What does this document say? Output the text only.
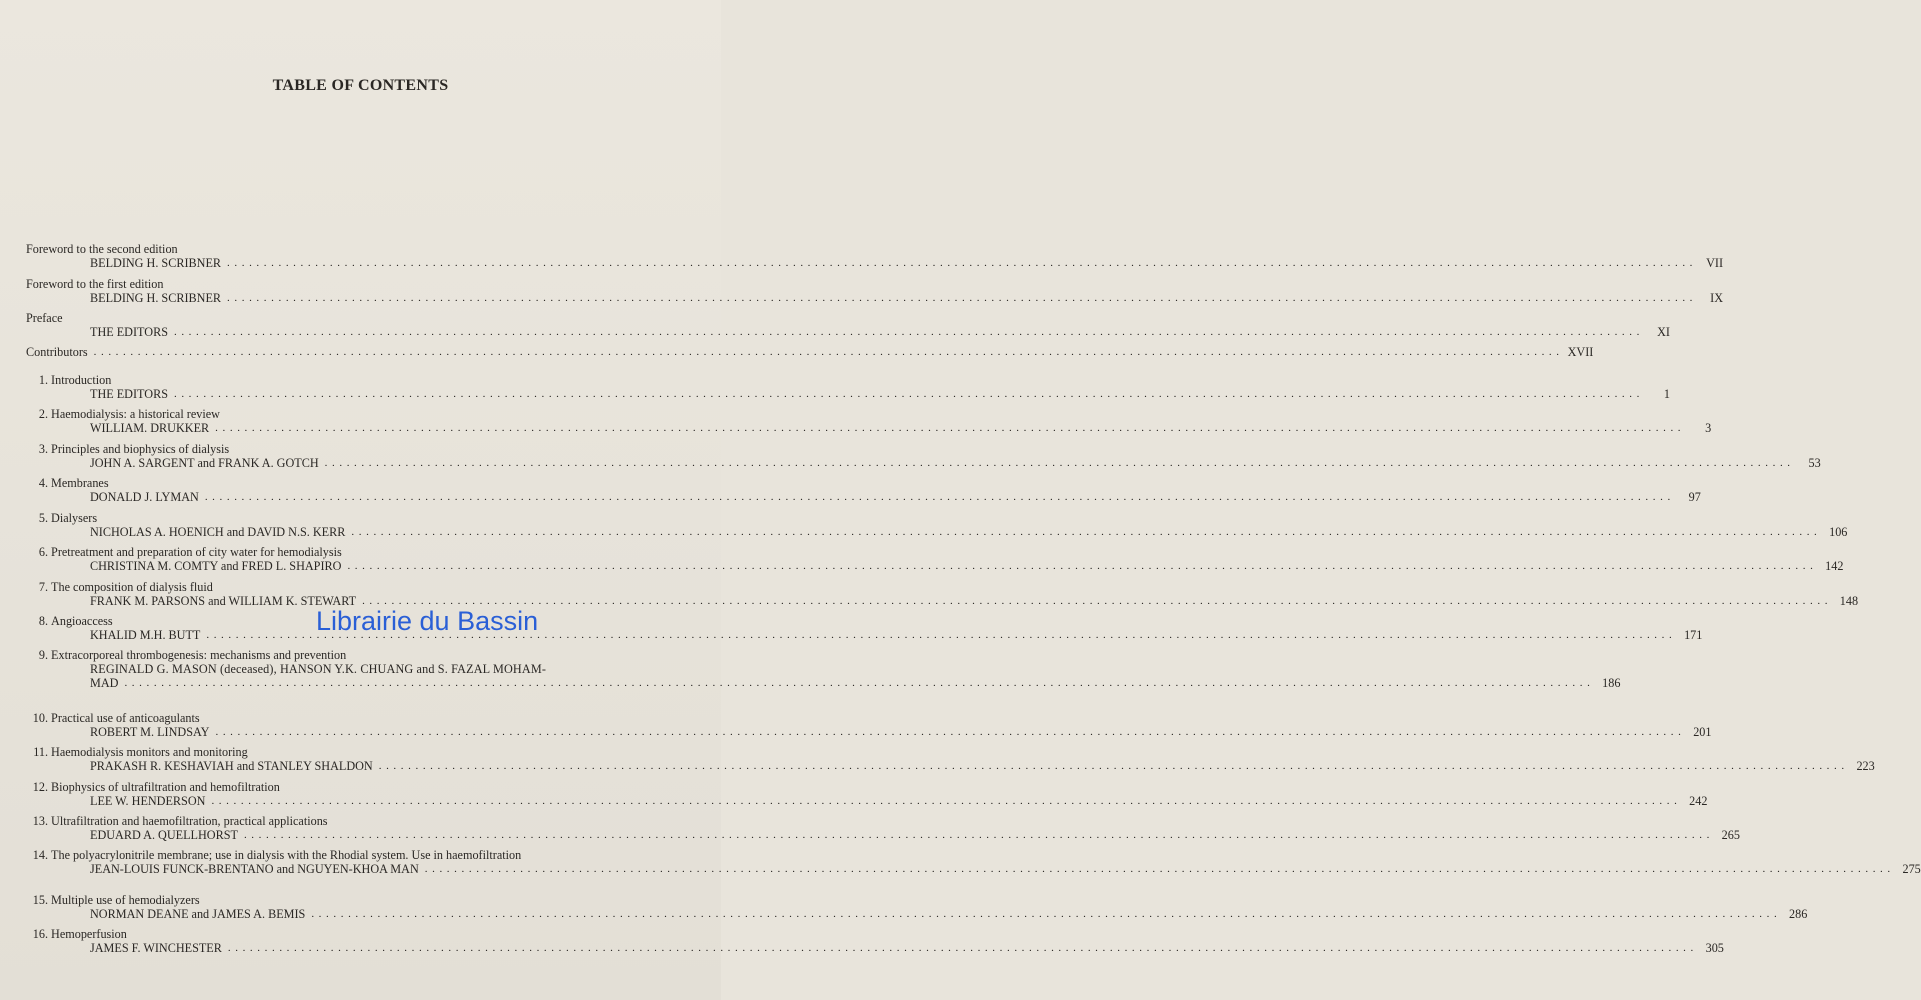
TABLE OF CONTENTS
Foreword to the second edition
BELDING H. SCRIBNER ........................................................................................................................................................................................................ VII
Foreword to the first edition
BELDING H. SCRIBNER ........................................................................................................................................................................................................	IX
Preface
THE EDITORS ........................................................................................................................................................................................................	XI
Contributors ........................................................................................................................................................................................................ XVII
1. Introduction
THE EDITORS ........................................................................................................................................................................................................	1
2. Haemodialysis: a historical review
WILLIAM. DRUKKER ........................................................................................................................................................................................................	3
3. Principles and biophysics of dialysis
JOHN A. SARGENT and FRANK A. GOTCH ........................................................................................................................................................................................................	53
4. Membranes
DONALD J. LYMAN ........................................................................................................................................................................................................	97
5. Dialysers
NICHOLAS A. HOENICH and DAVID N.S. KERR ........................................................................................................................................................................................................ 106
6. Pretreatment and preparation of city water for hemodialysis
CHRISTINA M. COMTY and FRED L. SHAPIRO ........................................................................................................................................................................................................ 142
7. The composition of dialysis fluid
FRANK M. PARSONS and WILLIAM K. STEWART ........................................................................................................................................................................................................ 148
8. Angioaccess
KHALID M.H. BUTT ........................................................................................................................................................................................................ 171
9. Extracorporeal thrombogenesis: mechanisms and prevention
REGINALD G. MASON (deceased), HANSON Y.K. CHUANG and S. FAZAL MOHAM-
MAD ........................................................................................................................................................................................................ 186
10. Practical use of anticoagulants
ROBERT M. LINDSAY ........................................................................................................................................................................................................ 201
11. Haemodialysis monitors and monitoring
PRAKASH R. KESHAVIAH and STANLEY SHALDON ........................................................................................................................................................................................................ 223
12. Biophysics of ultrafiltration and hemofiltration
LEE W. HENDERSON ........................................................................................................................................................................................................ 242
13. Ultrafiltration and haemofiltration, practical applications
EDUARD A. QUELLHORST ........................................................................................................................................................................................................ 265
14. The polyacrylonitrile membrane; use in dialysis with the Rhodial system. Use in haemofiltration
JEAN-LOUIS FUNCK-BRENTANO and NGUYEN-KHOA MAN ........................................................................................................................................................................................................ 275
15. Multiple use of hemodialyzers
NORMAN DEANE and JAMES A. BEMIS ........................................................................................................................................................................................................ 286
16. Hemoperfusion
JAMES F. WINCHESTER ........................................................................................................................................................................................................ 305
Librairie du Bassin
